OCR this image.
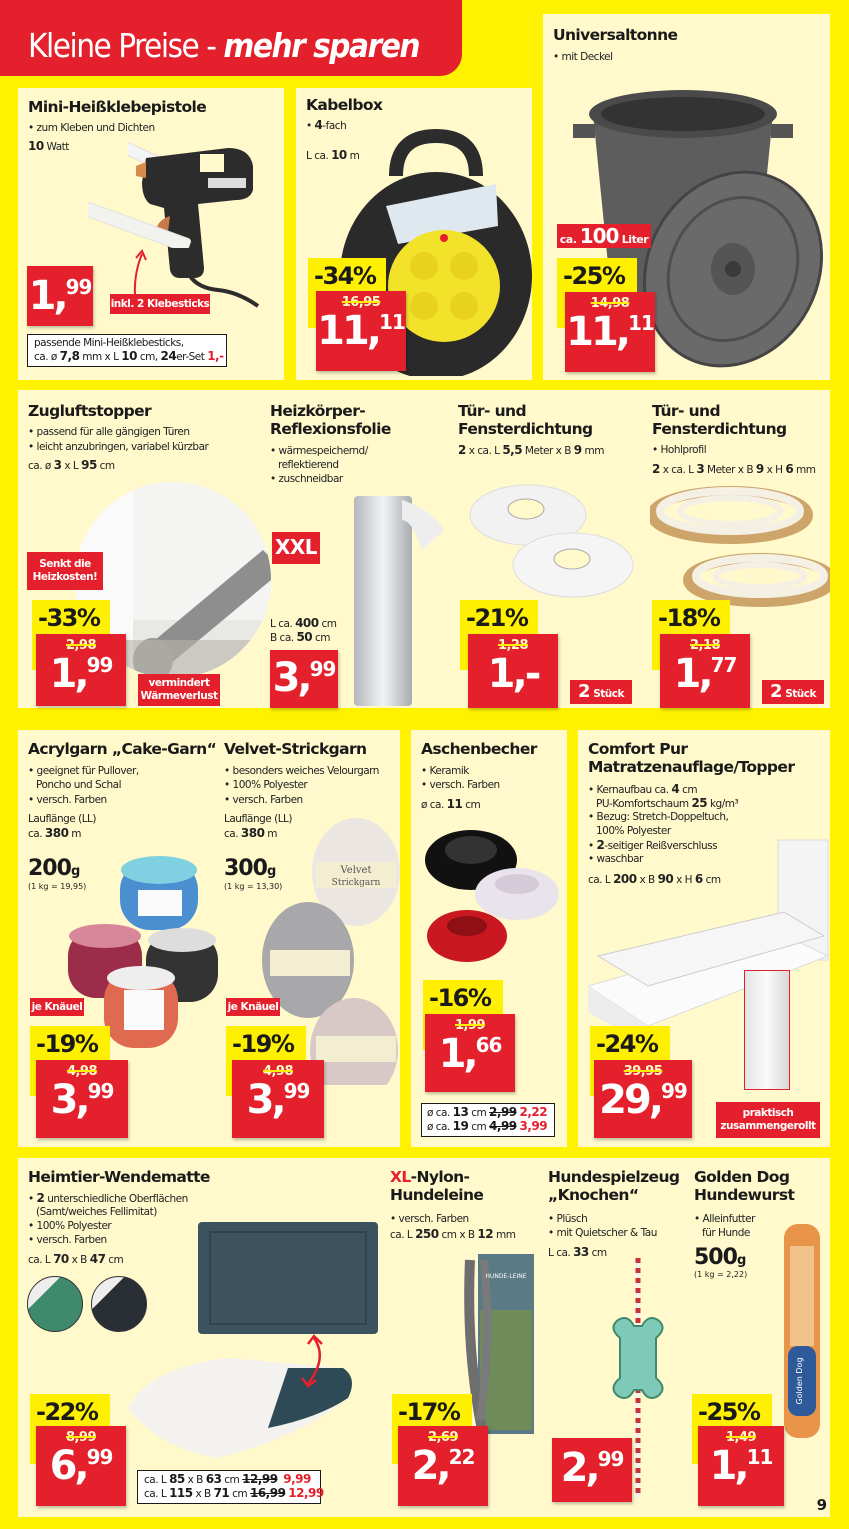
Kleine Preise - mehr sparen
Mini-Heißklebepistole
• zum Kleben und Dichten
10 Watt
1,99
inkl. 2 Klebesticks
passende Mini-Heißklebesticks,
ca. ø 7,8 mm x L 10 cm, 24er-Set 1,-
Kabelbox
• 4-fach
L ca. 10 m
-34%
16,95
11,11
Universaltonne
• mit Deckel
ca. 100 Liter
-25%
14,98
11,11
Zugluftstopper
• passend für alle gängigen Türen
• leicht anzubringen, variabel kürzbar
ca. ø 3 x L 95 cm
Senkt die
Heizkosten!
-33%
2,98
1,99
vermindert
Wärmeverlust
Heizkörper-
Reflexionsfolie
• wärmespeichernd/
reflektierend
• zuschneidbar
XXL
L ca. 400 cm
B ca. 50 cm
3,99
Tür- und
Fensterdichtung
2 x ca. L 5,5 Meter x B 9 mm
-21%
1,28
1,-	2 Stück
Tür- und
Fensterdichtung
• Hohlprofil
2 x ca. L 3 Meter x B 9 x H 6 mm
-18%
2,18
1,77
2 Stück
Acrylgarn „Cake-Garn“
• geeignet für Pullover,
Poncho und Schal
• versch. Farben
Lauflänge (LL)
ca. 380 m
200g
(1 kg = 19,95)
je Knäuel
-19%
4,98
3,99
Velvet-Strickgarn
• besonders weiches Velourgarn
• 100% Polyester
• versch. Farben
Lauflänge (LL)
ca. 380 m
300g
(1 kg = 13,30)
Velvet
Strickgarn
je Knäuel
-19%
4,98
3,99
Aschenbecher
• Keramik
• versch. Farben
ø ca. 11 cm
-16%
1,99
1,66
ø ca. 13 cm 2,99 2,22
ø ca. 19 cm 4,99 3,99
Comfort Pur
Matratzenauflage/Topper
• Kernaufbau ca. 4 cm
PU-Komfortschaum 25 kg/m³
• Bezug: Stretch-Doppeltuch,
100% Polyester
• 2-seitiger Reißverschluss
• waschbar
ca. L 200 x B 90 x H 6 cm
-24%
39,95
29,99
praktisch
zusammengerollt
Heimtier-Wendematte
• 2 unterschiedliche Oberflächen
(Samt/weiches Fellimitat)
• 100% Polyester
• versch. Farben
ca. L 70 x B 47 cm
-22%
8,99
6,99
ca. L 85 x B 63 cm 12,99 9,99
ca. L 115 x B 71 cm 16,99 12,99
XL-Nylon-
Hundeleine
• versch. Farben
ca. L 250 cm x B 12 mm
HUNDE-LEINE
-17%
2,69
2,22
Hundespielzeug
„Knochen“
• Plüsch
• mit Quietscher & Tau
L ca. 33 cm
2,99
Golden Dog
Hundewurst
• Alleinfutter
für Hunde
500g
(1 kg = 2,22)
Golden Dog
-25%
1,49
1,11
9
